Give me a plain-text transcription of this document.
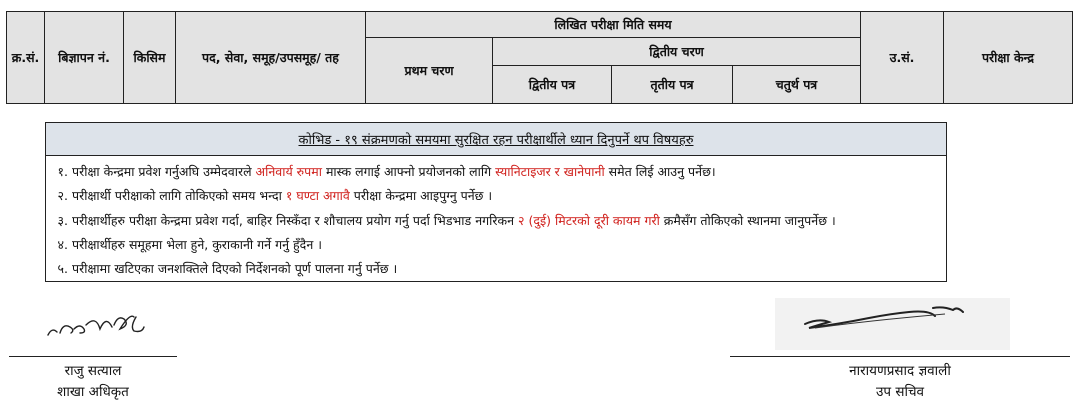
क्र.सं.	बिज्ञापन नं.	किसिम	पद, सेवा, समूह/उपसमूह/ तह	लिखित परीक्षा मिति समय				उ.सं.	परीक्षा केन्द्र
				प्रथम चरण	द्वितीय चरण				
					द्वितीय पत्र	तृतीय पत्र	चतुर्थ पत्र		
कोभिड - १९ संक्रमणको समयमा सुरक्षित रहन परीक्षार्थीले ध्यान दिनुपर्ने थप विषयहरु
१. परीक्षा केन्द्रमा प्रवेश गर्नुअघि उम्मेदवारले अनिवार्य रुपमा मास्क लगाई आफ्नो प्रयोजनको लागि स्यानिटाइजर र खानेपानी समेत लिई आउनु पर्नेछ।
२. परीक्षार्थी परीक्षाको लागि तोकिएको समय भन्दा १ घण्टा अगावै परीक्षा केन्द्रमा आइपुग्नु पर्नेछ ।
३. परीक्षार्थीहरु परीक्षा केन्द्रमा प्रवेश गर्दा, बाहिर निस्कँदा र शौचालय प्रयोग गर्नु पर्दा भिडभाड नगरिकन २ (दुई) मिटरको दूरी कायम गरी क्रमैसँग तोकिएको स्थानमा जानुपर्नेछ ।
४. परीक्षार्थीहरु समूहमा भेला हुने, कुराकानी गर्ने गर्नु हुँदैन ।
५. परीक्षामा खटिएका जनशक्तिले दिएको निर्देशनको पूर्ण पालना गर्नु पर्नेछ ।
राजु सत्याल
शाखा अधिकृत
नारायणप्रसाद ज्ञवाली
उप सचिव
